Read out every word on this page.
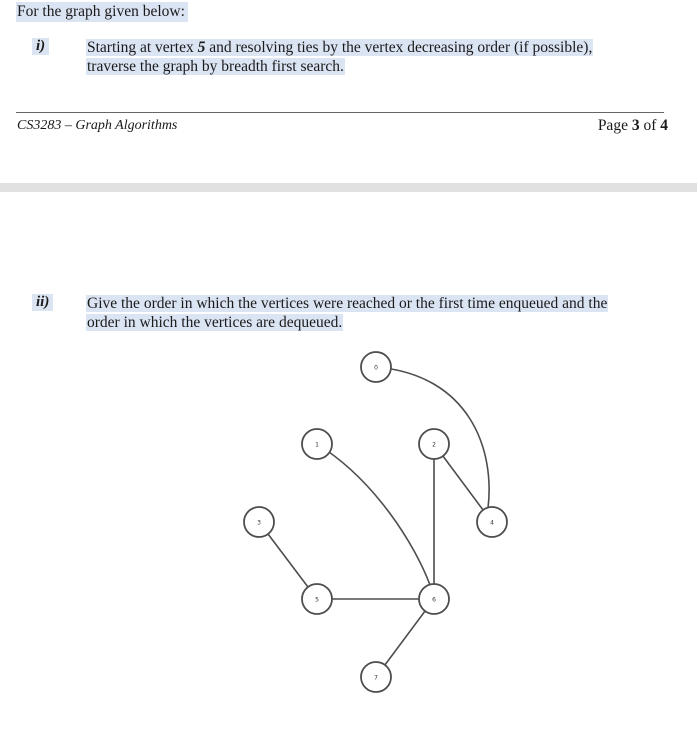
For the graph given below:
i)	Starting at vertex 5 and resolving ties by the vertex decreasing order (if possible),
traverse the graph by breadth first search.
CS3283 – Graph Algorithms	Page 3 of 4
ii) Give the order in which the vertices were reached or the first time enqueued and the
order in which the vertices are dequeued.
0
1	2
3	4
5	6
7
